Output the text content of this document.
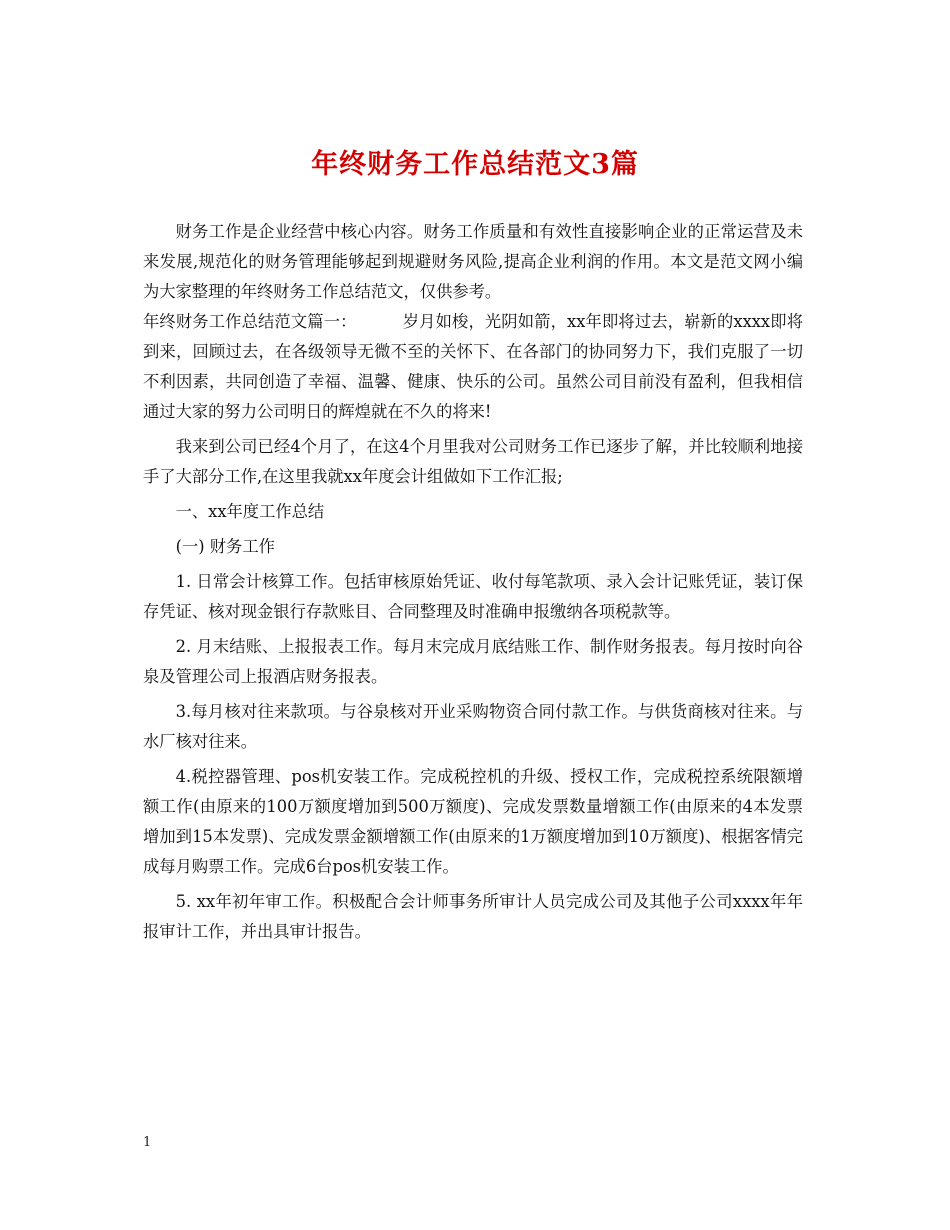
年终财务工作总结范文3篇

财务工作是企业经营中核心内容。财务工作质量和有效性直接影响企业的正常运营及未来发展,规范化的财务管理能够起到规避财务风险,提高企业利润的作用。本文是范文网小编为大家整理的年终财务工作总结范文，仅供参考。

年终财务工作总结范文篇一：	岁月如梭，光阴如箭，xx年即将过去，崭新的xxxx即将到来，回顾过去，在各级领导无微不至的关怀下、在各部门的协同努力下，我们克服了一切不利因素，共同创造了幸福、温馨、健康、快乐的公司。虽然公司目前没有盈利，但我相信通过大家的努力公司明日的辉煌就在不久的将来!

我来到公司已经4个月了，在这4个月里我对公司财务工作已逐步了解，并比较顺利地接手了大部分工作,在这里我就xx年度会计组做如下工作汇报;

一、xx年度工作总结

(一) 财务工作

1. 日常会计核算工作。包括审核原始凭证、收付每笔款项、录入会计记账凭证，装订保存凭证、核对现金银行存款账目、合同整理及时准确申报缴纳各项税款等。

2. 月末结账、上报报表工作。每月末完成月底结账工作、制作财务报表。每月按时向谷泉及管理公司上报酒店财务报表。

3.每月核对往来款项。与谷泉核对开业采购物资合同付款工作。与供货商核对往来。与水厂核对往来。

4.税控器管理、pos机安装工作。完成税控机的升级、授权工作，完成税控系统限额增额工作(由原来的100万额度增加到500万额度)、完成发票数量增额工作(由原来的4本发票增加到15本发票)、完成发票金额增额工作(由原来的1万额度增加到10万额度)、根据客情完成每月购票工作。完成6台pos机安装工作。

5. xx年初年审工作。积极配合会计师事务所审计人员完成公司及其他子公司xxxx年年报审计工作，并出具审计报告。

1
